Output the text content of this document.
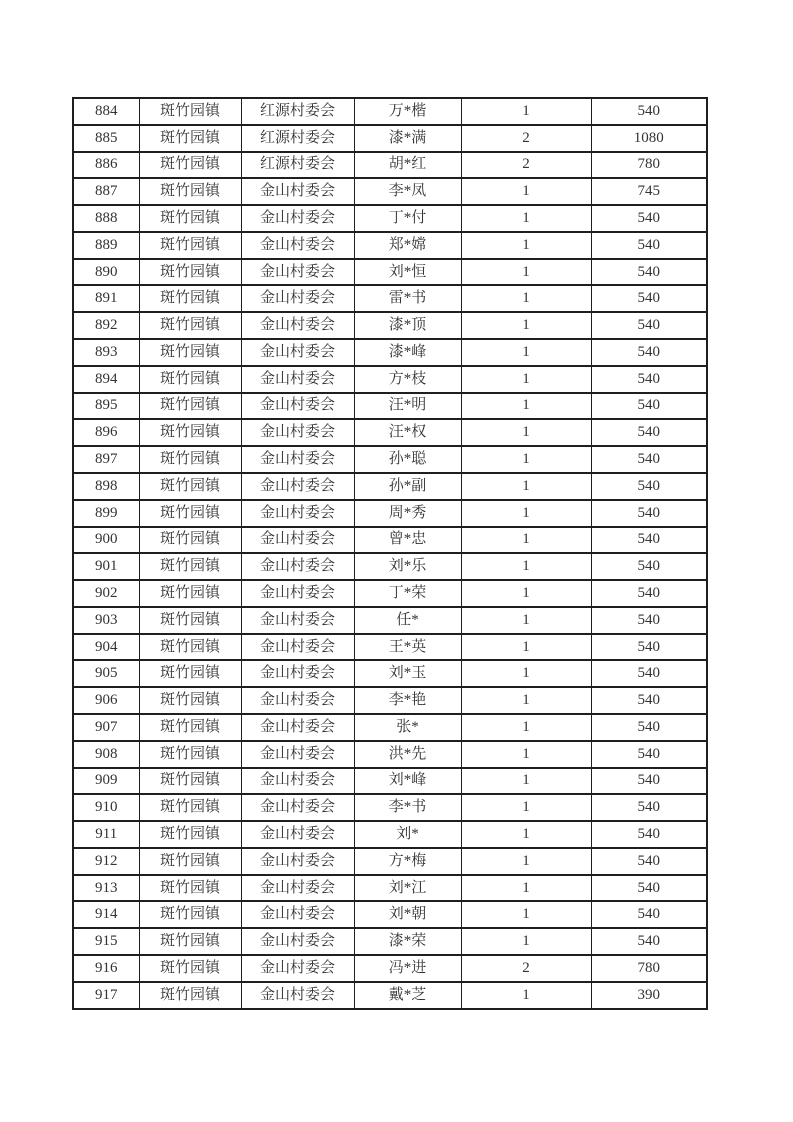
884	斑竹园镇	红源村委会	万*楷	1	540
885	斑竹园镇	红源村委会	漆*满	2	1080
886	斑竹园镇	红源村委会	胡*红	2	780
887	斑竹园镇	金山村委会	李*凤	1	745
888	斑竹园镇	金山村委会	丁*付	1	540
889	斑竹园镇	金山村委会	郑*嫦	1	540
890	斑竹园镇	金山村委会	刘*恒	1	540
891	斑竹园镇	金山村委会	雷*书	1	540
892	斑竹园镇	金山村委会	漆*顶	1	540
893	斑竹园镇	金山村委会	漆*峰	1	540
894	斑竹园镇	金山村委会	方*枝	1	540
895	斑竹园镇	金山村委会	汪*明	1	540
896	斑竹园镇	金山村委会	汪*权	1	540
897	斑竹园镇	金山村委会	孙*聪	1	540
898	斑竹园镇	金山村委会	孙*副	1	540
899	斑竹园镇	金山村委会	周*秀	1	540
900	斑竹园镇	金山村委会	曾*忠	1	540
901	斑竹园镇	金山村委会	刘*乐	1	540
902	斑竹园镇	金山村委会	丁*荣	1	540
903	斑竹园镇	金山村委会	任*	1	540
904	斑竹园镇	金山村委会	王*英	1	540
905	斑竹园镇	金山村委会	刘*玉	1	540
906	斑竹园镇	金山村委会	李*艳	1	540
907	斑竹园镇	金山村委会	张*	1	540
908	斑竹园镇	金山村委会	洪*先	1	540
909	斑竹园镇	金山村委会	刘*峰	1	540
910	斑竹园镇	金山村委会	李*书	1	540
911	斑竹园镇	金山村委会	刘*	1	540
912	斑竹园镇	金山村委会	方*梅	1	540
913	斑竹园镇	金山村委会	刘*江	1	540
914	斑竹园镇	金山村委会	刘*朝	1	540
915	斑竹园镇	金山村委会	漆*荣	1	540
916	斑竹园镇	金山村委会	冯*进	2	780
917	斑竹园镇	金山村委会	戴*芝	1	390
